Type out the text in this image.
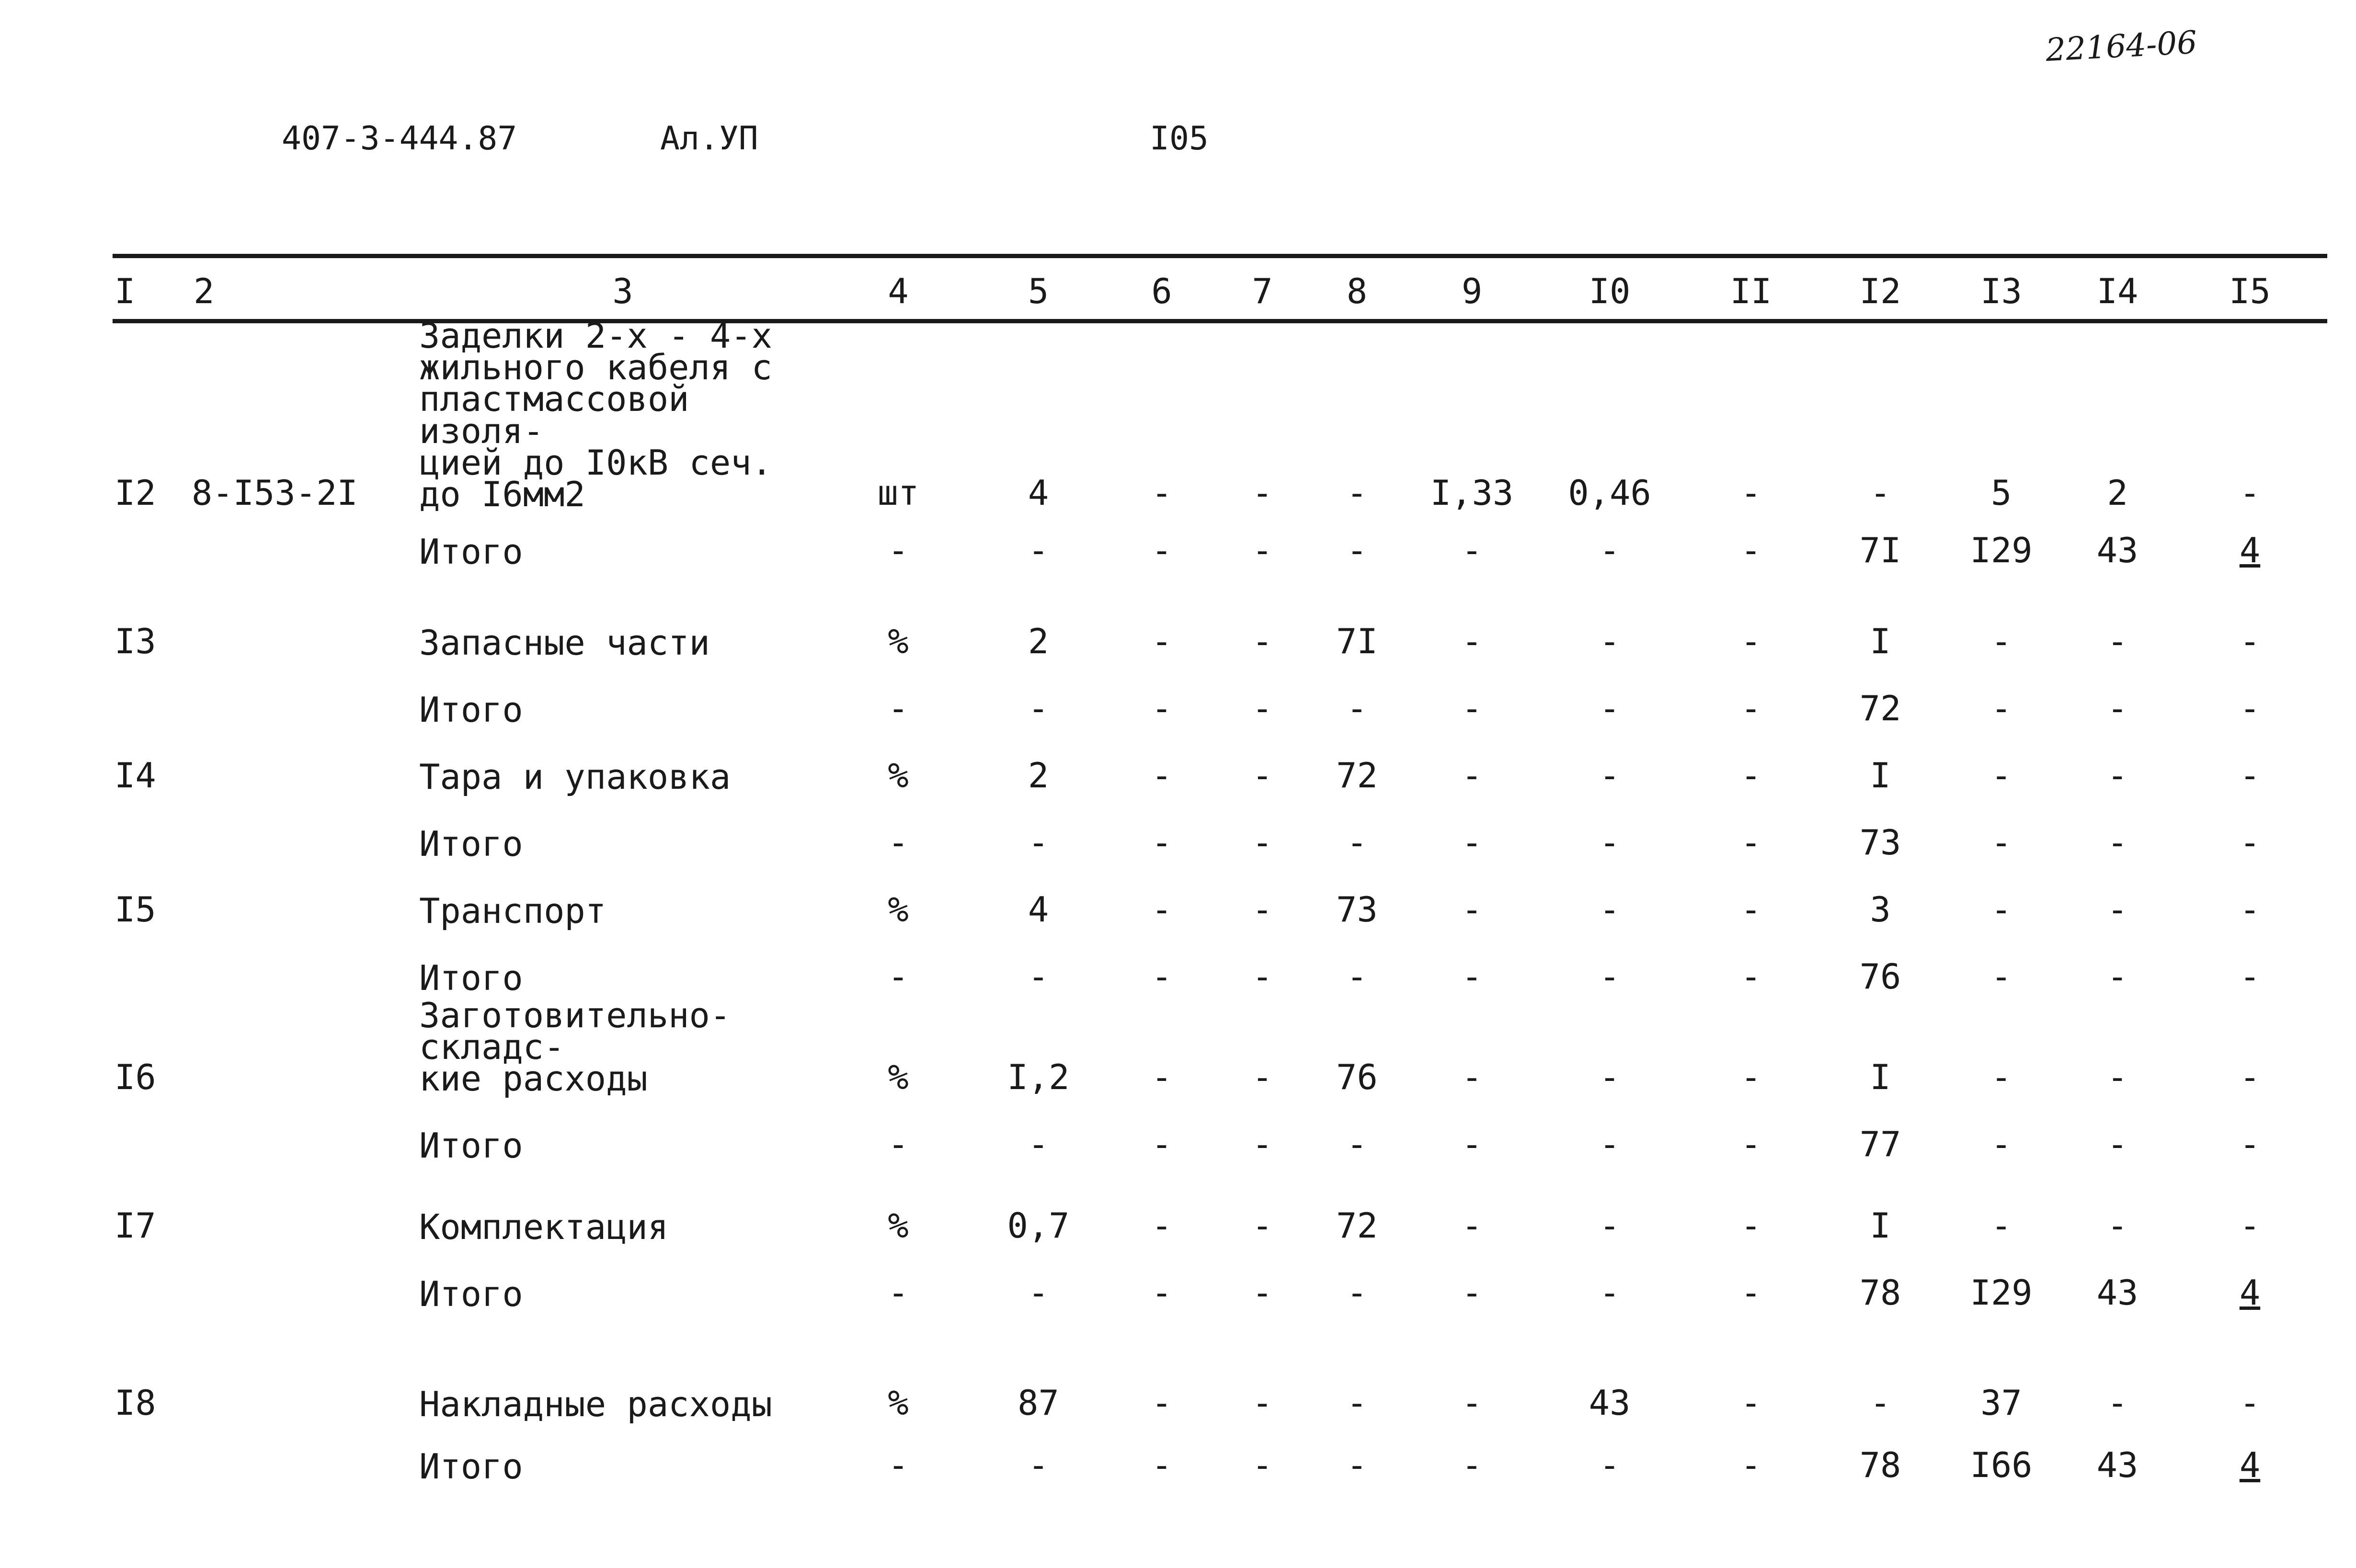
407-3-444.87	Ал.УП	I05
22164-06
I	2	3	4	5	6	7	8	9	I0	II	I2	I3	I4	I5
I2	8-I53-2I	Заделки 2-х - 4-х
жильного кабеля с
пластмассовой изоля-
цией до I0кВ сеч.
до I6мм2	шт	4	-	-	-	I,33	0,46	-	-	5	2	-

		Итого	-	-	-	-	-	-	-	-	7I	I29	43	4
I3		Запасные части	%	2	-	-	7I	-	-	-	I	-	-	-

		Итого	-	-	-	-	-	-	-	-	72	-	-	-
I4		Тара и упаковка	%	2	-	-	72	-	-	-	I	-	-	-

		Итого	-	-	-	-	-	-	-	-	73	-	-	-
I5		Транспорт	%	4	-	-	73	-	-	-	3	-	-	-

		Итого	-	-	-	-	-	-	-	-	76	-	-	-
I6		Заготовительно-складс-
кие расходы	%	I,2	-	-	76	-	-	-	I	-	-	-

		Итого	-	-	-	-	-	-	-	-	77	-	-	-
I7		Комплектация	%	0,7	-	-	72	-	-	-	I	-	-	-

		Итого	-	-	-	-	-	-	-	-	78	I29	43	4
I8		Накладные расходы	%	87	-	-	-	-	43	-	-	37	-	-

		Итого	-	-	-	-	-	-	-	-	78	I66	43	4
